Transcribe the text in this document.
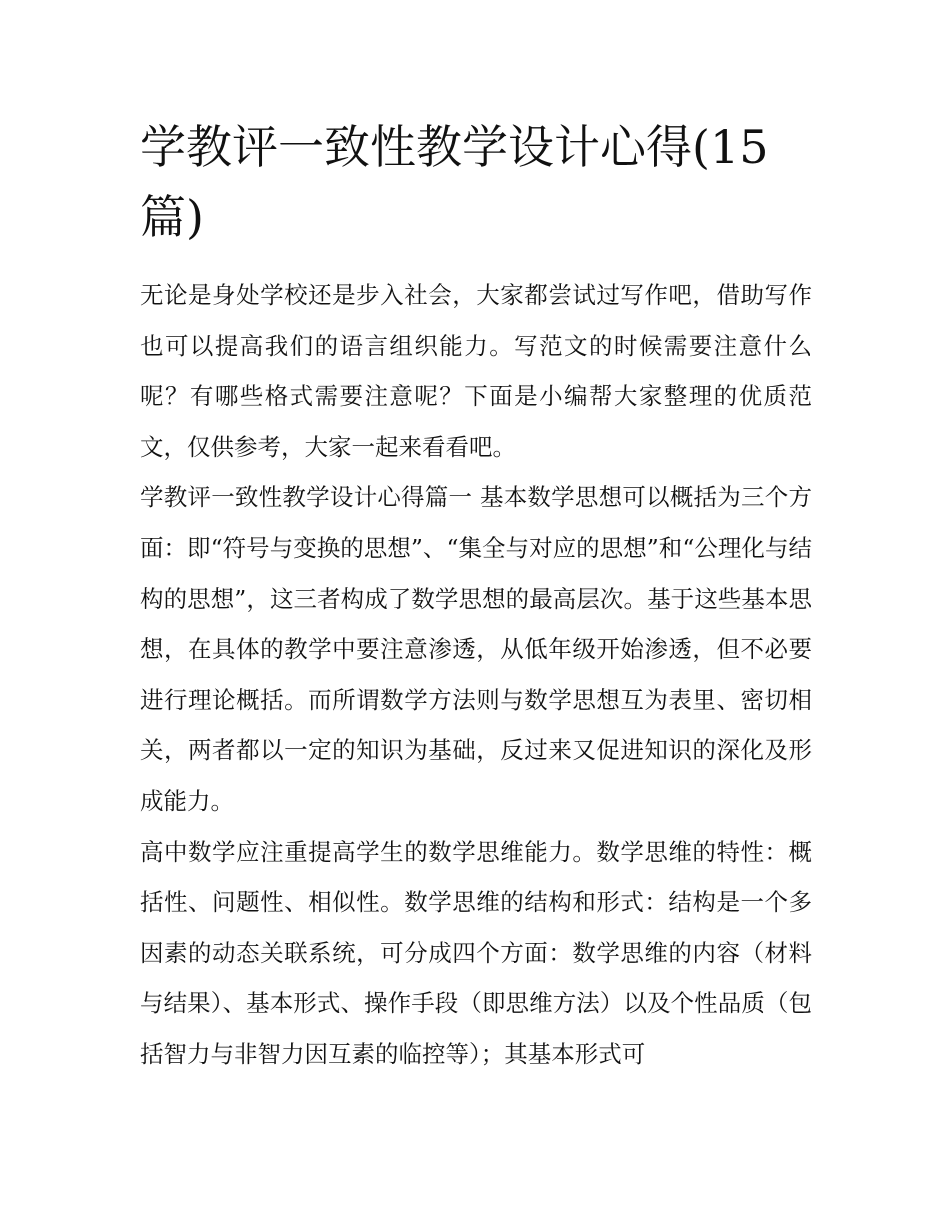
学教评一致性教学设计心得(15篇)

无论是身处学校还是步入社会，大家都尝试过写作吧，借助写作也可以提高我们的语言组织能力。写范文的时候需要注意什么呢？有哪些格式需要注意呢？下面是小编帮大家整理的优质范文，仅供参考，大家一起来看看吧。

学教评一致性教学设计心得篇一 基本数学思想可以概括为三个方面：即“符号与变换的思想”、“集全与对应的思想”和“公理化与结构的思想”，这三者构成了数学思想的最高层次。基于这些基本思想，在具体的教学中要注意渗透，从低年级开始渗透，但不必要进行理论概括。而所谓数学方法则与数学思想互为表里、密切相关，两者都以一定的知识为基础，反过来又促进知识的深化及形成能力。

高中数学应注重提高学生的数学思维能力。数学思维的特性：概括性、问题性、相似性。数学思维的结构和形式：结构是一个多因素的动态关联系统，可分成四个方面：数学思维的内容（材料与结果）、基本形式、操作手段（即思维方法）以及个性品质（包括智力与非智力因互素的临控等）；其基本形式可
